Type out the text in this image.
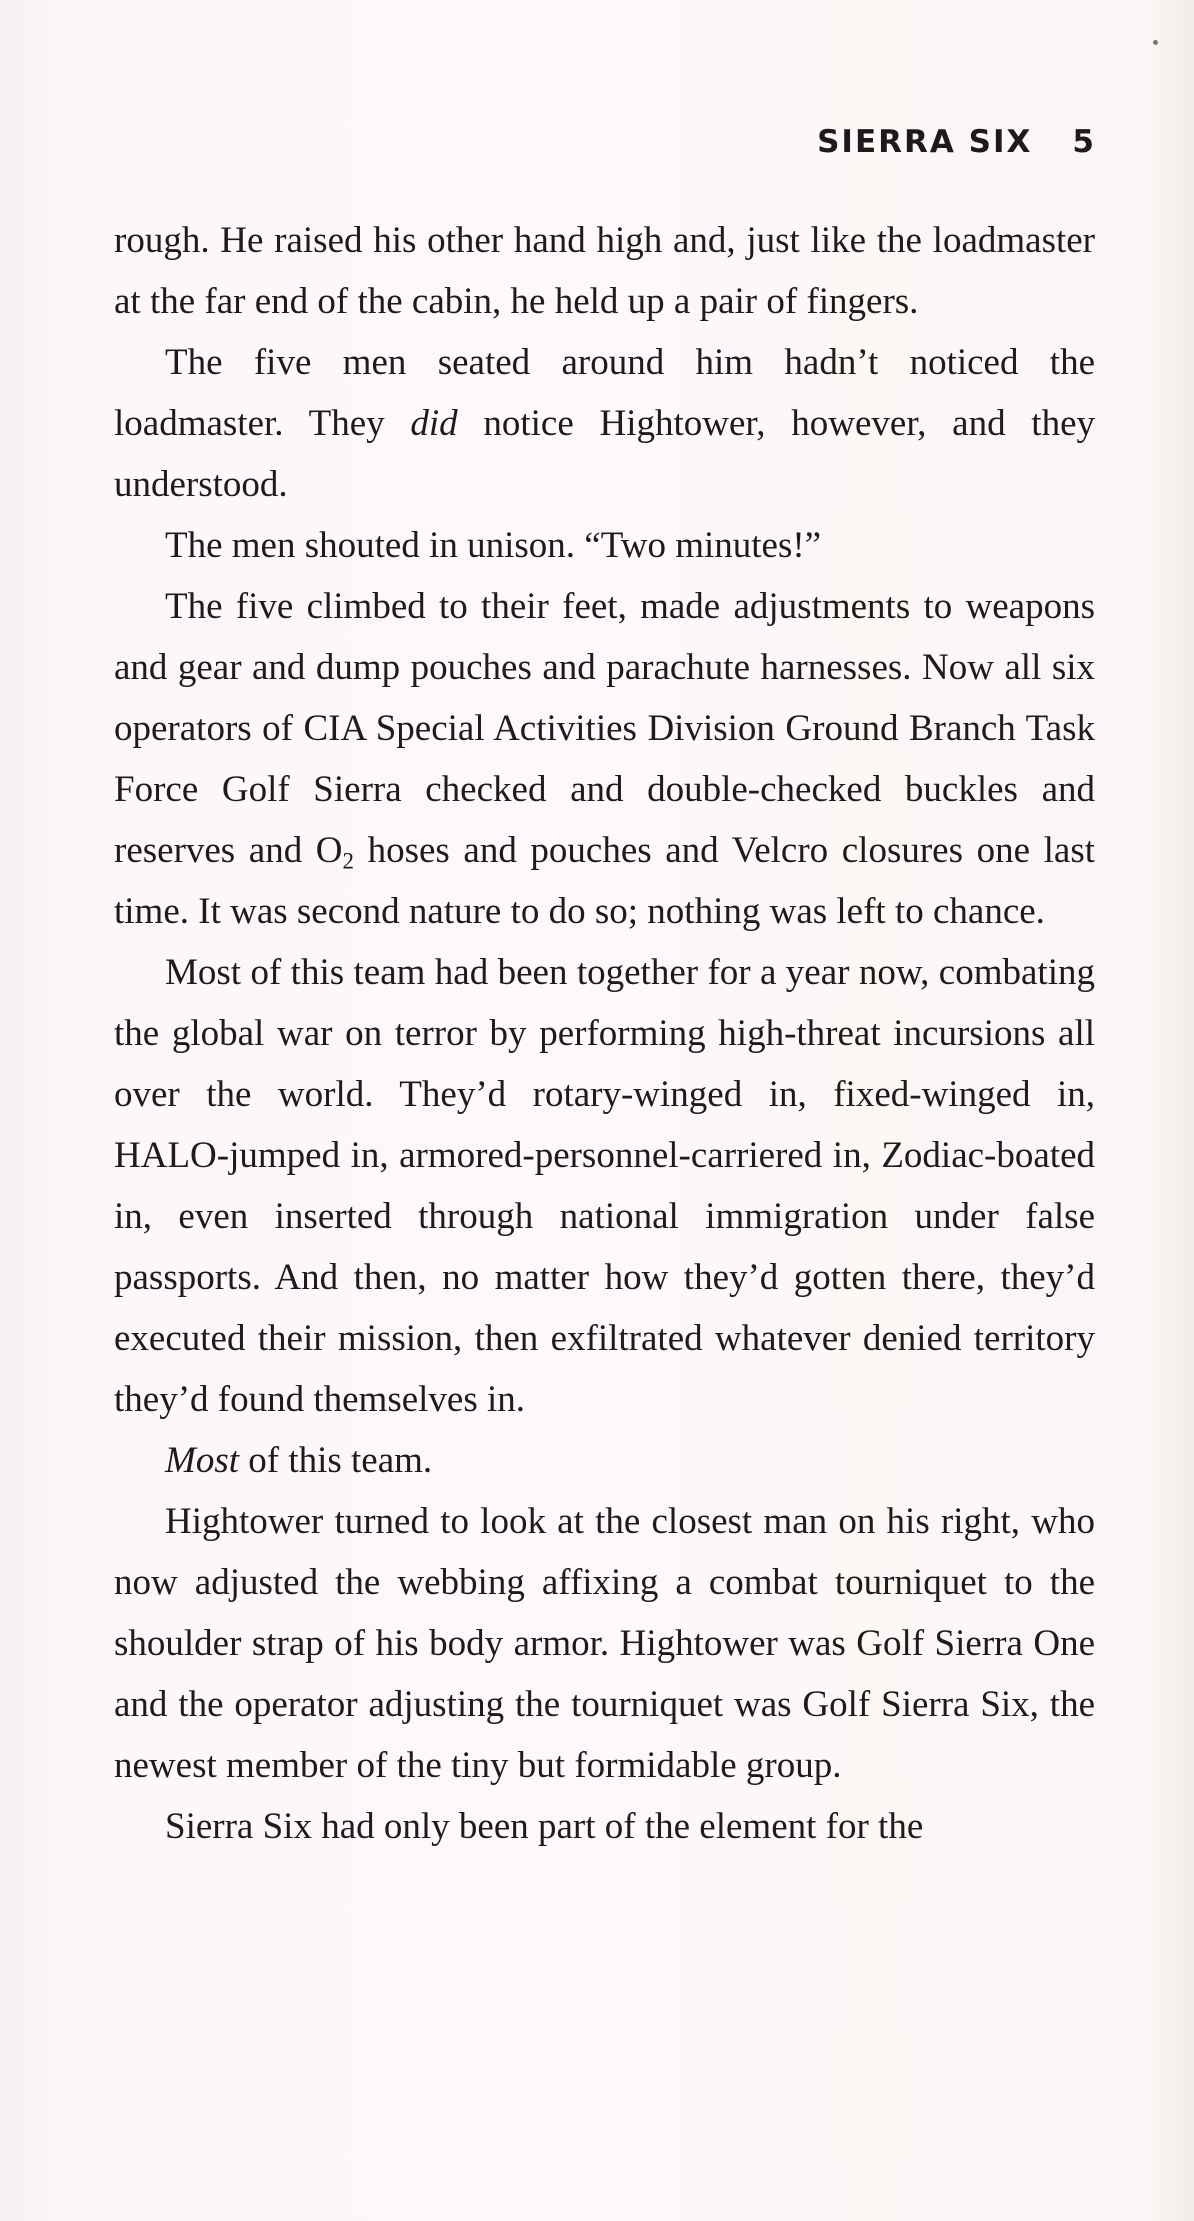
SIERRA SIX 5

rough. He raised his other hand high and, just like the loadmaster at the far end of the cabin, he held up a pair of fingers.

The five men seated around him hadn’t noticed the loadmaster. They did notice Hightower, however, and they understood.

The men shouted in unison. “Two minutes!”

The five climbed to their feet, made adjustments to weapons and gear and dump pouches and parachute harnesses. Now all six operators of CIA Special Activities Division Ground Branch Task Force Golf Sierra checked and double-checked buckles and reserves and $O_2$ hoses and pouches and Velcro closures one last time. It was second nature to do so; nothing was left to chance.

Most of this team had been together for a year now, combating the global war on terror by performing high-threat incursions all over the world. They’d rotary-winged in, fixed-winged in, HALO-jumped in, armored-personnel-carriered in, Zodiac-boated in, even inserted through national immigration under false passports. And then, no matter how they’d gotten there, they’d executed their mission, then exfiltrated whatever denied territory they’d found themselves in.

Most of this team.

Hightower turned to look at the closest man on his right, who now adjusted the webbing affixing a combat tourniquet to the shoulder strap of his body armor. Hightower was Golf Sierra One and the operator adjusting the tourniquet was Golf Sierra Six, the newest member of the tiny but formidable group.

Sierra Six had only been part of the element for the
